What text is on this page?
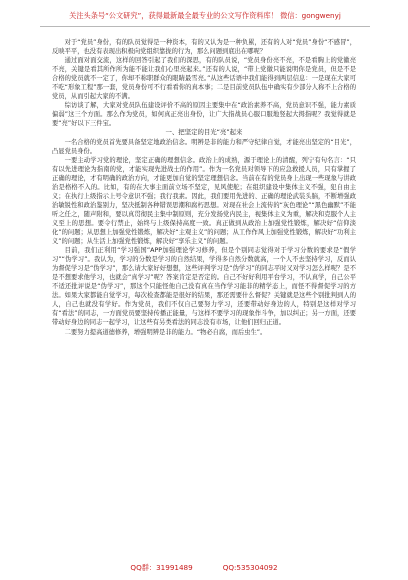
关注头条号“公文研究”，获得最新最全最专业的公文写作资料库！ 微信：gongwenyj

对于“党员”身份，有的队员觉得是一种资本，有的又认为是一种负累，还有的人对“党员”身份“不感冒”，反映平平，也没有表现出积极向党组织靠拢的行为，那么问题到底出在哪呢？

通过面对面交流，这样的回答引起了我们的深思，有的队员说，“党员身份亮不亮，不是看胸上的党徽亮不亮，关键是看其所作所为能不能让我们心里亮起来。”还有的人说，“带上党徽只能说明你是党员，但是不是合格的党员就不一定了，你却不称职群众的眼睛最雪亮。”从这些话语中我们能得到两层信息：一是现在大家可不吃“形象工程”那一套，党员身份可不行看看你的真本事；二是目前党员队伍中确实有少部分人称不上合格的党员，从而引起大家的不满。

综访谈了解，大家对党员队伍建设评价不高的原因主要集中在“政治素养不高，党员意识不强，能力素质偏弱”这三个方面。那么作为党员，如何真正亮出身份，让广大指战员心服口服地竖起大拇指呢？我觉得就是要“亮”好以下三件宝。

一、把坚定的目光“亮”起来

一名合格的党员首先要具备坚定地政治信念。明辨是非的能力和严守纪律自觉，才能亮出坚定的“目光”，凸显党员身份。

一要主动学习党的理论，坚定正确的理想信念。政治上的成熟，源于理论上的清醒，列宁有句名言：“只有以先进理论为指南的党，才能实现先进战士的作用”。作为一名党员对领导下的应急救援人员，只有掌握了正确的理论，才有明确的政治方向，才能更加自觉的坚定理想信念。当前在有的党员身上出现一些现象与讲政治是格格不入的。比如，有的在大事主面前立场不坚定，见风使舵；在组织建设中集体主义不强，犯自由主义；在执行上级指示上号令意识不强；我行我素。因此，我们要用先进的、正确的理论武装头脑，不断增强政治敏锐性和政治鉴别力，坚决抵制各种错误思潮和腐朽思想。对现在社会上流传的“灰色理论”“黑色幽默”不能听之任之，随声附和，要以真贯彻民主集中制原则，充分发扬党内民主，视集体主义为重，解决和克服个人主义至上的思想。要令行禁止，始终与上级保持高度一致。真正做到从政治上加强党性锻炼，解决好“信仰淡化”的问题；从思想上加强党性锻炼，解决好“主观主义”的问题；从工作作风上加强党性锻炼，解决好“功利主义”的问题；从生活上加强党性锻炼，解决好“享乐主义”的问题。

目前，我们正利用“学习强国”APP加强理论学习修养，但是个别同志觉得对于学习分数的要求是“假学习”“伪学习”。我认为，学习的分数是学习的自然结果，学得多自然分数就高，一个人不去坚持学习，反而认为督促学习是“伪学习”，那么请大家好好想想，这些评判学习是“伪学习”的同志平时又对学习怎么样呢？是不是不想要求他学习，也就会“真学习”呢？答案肯定是否定的。自己不好好利用平台学习，不认真学，自己公平不适还批评说是“伪学习”，那这个只能怪他自己没有真在当作学习能非的精学态上，而怪不得督促学习的方法。如果大家都能自觉学习，每次检查都能是很好的结果，那还需要什么督促？关键就是这些个别批判到人的人，自己也就没有学好。作为党员，我们不仅自己要努力学习，还要带动好身边的人，特别是这样对学习有“看法”的同志，一方面党员要坚持传播正能量，与这样不要学习的现象作斗争，加以纠正；另一方面，还要带动好身边的同志一起学习，让这些有另类看法的同志没有市场，让他们回归正道。

二要努力提高道德修养，增强明辨是非的能力。“物必自腐，而后虫生”。

QQ群：31991489	QQ:535304092
